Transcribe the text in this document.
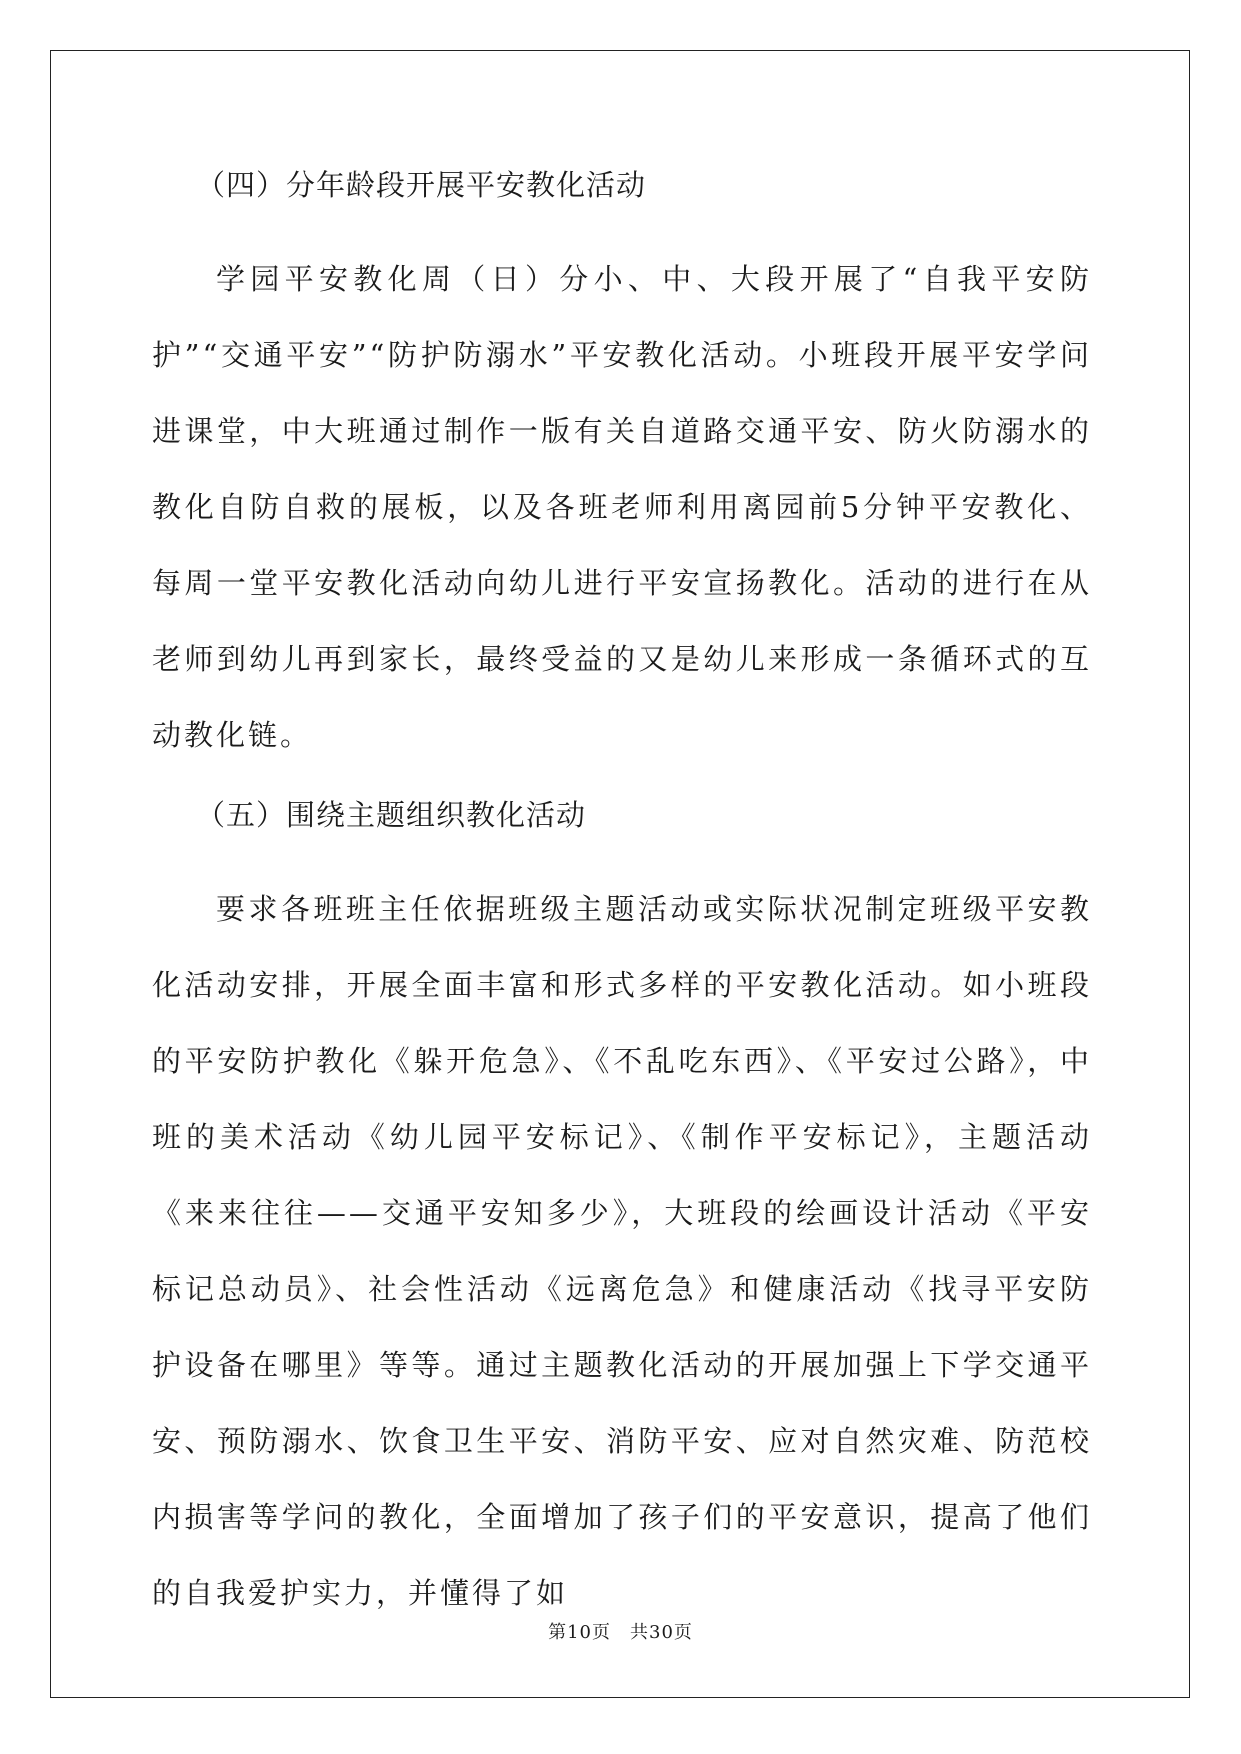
（四）分年龄段开展平安教化活动
学园平安教化周（日）分小、中、大段开展了“自我平安防护”“交通平安”“防护防溺水”平安教化活动。小班段开展平安学问进课堂，中大班通过制作一版有关自道路交通平安、防火防溺水的教化自防自救的展板，以及各班老师利用离园前5分钟平安教化、每周一堂平安教化活动向幼儿进行平安宣扬教化。活动的进行在从老师到幼儿再到家长，最终受益的又是幼儿来形成一条循环式的互动教化链。
（五）围绕主题组织教化活动
要求各班班主任依据班级主题活动或实际状况制定班级平安教化活动安排，开展全面丰富和形式多样的平安教化活动。如小班段的平安防护教化《躲开危急》、《不乱吃东西》、《平安过公路》，中班的美术活动《幼儿园平安标记》、《制作平安标记》，主题活动《来来往往——交通平安知多少》，大班段的绘画设计活动《平安标记总动员》、社会性活动《远离危急》和健康活动《找寻平安防护设备在哪里》等等。通过主题教化活动的开展加强上下学交通平安、预防溺水、饮食卫生平安、消防平安、应对自然灾难、防范校内损害等学问的教化，全面增加了孩子们的平安意识，提高了他们的自我爱护实力，并懂得了如
第10页　共30页
